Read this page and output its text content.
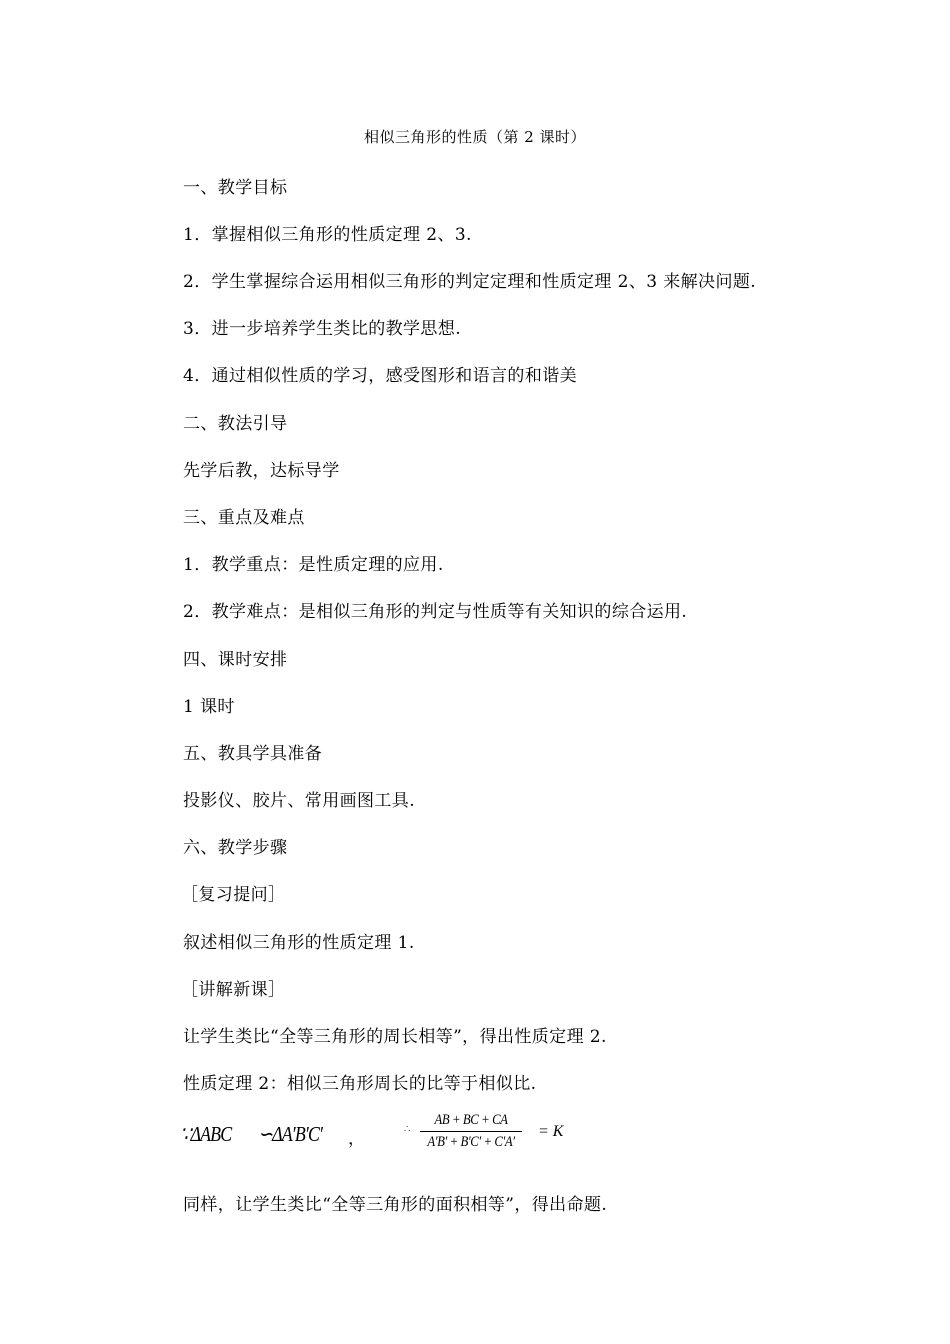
相似三角形的性质（第 2 课时）
一、教学目标
1．掌握相似三角形的性质定理 2、3.
2．学生掌握综合运用相似三角形的判定定理和性质定理 2、3 来解决问题.
3．进一步培养学生类比的教学思想.
4．通过相似性质的学习，感受图形和语言的和谐美
二、教法引导
先学后教，达标导学
三、重点及难点
1．教学重点：是性质定理的应用.
2．教学难点：是相似三角形的判定与性质等有关知识的综合运用.
四、课时安排
1 课时
五、教具学具准备
投影仪、胶片、常用画图工具.
六、教学步骤
［复习提问］
叙述相似三角形的性质定理 1.
［讲解新课］
让学生类比“全等三角形的周长相等”，得出性质定理 2.
性质定理 2：相似三角形周长的比等于相似比.
∵ΔABC ∽ΔA′B′C′ ，	∴ $\frac{AB + BC + CA}{A'B' + B'C' + C'A'} = K$
同样，让学生类比“全等三角形的面积相等”，得出命题.
